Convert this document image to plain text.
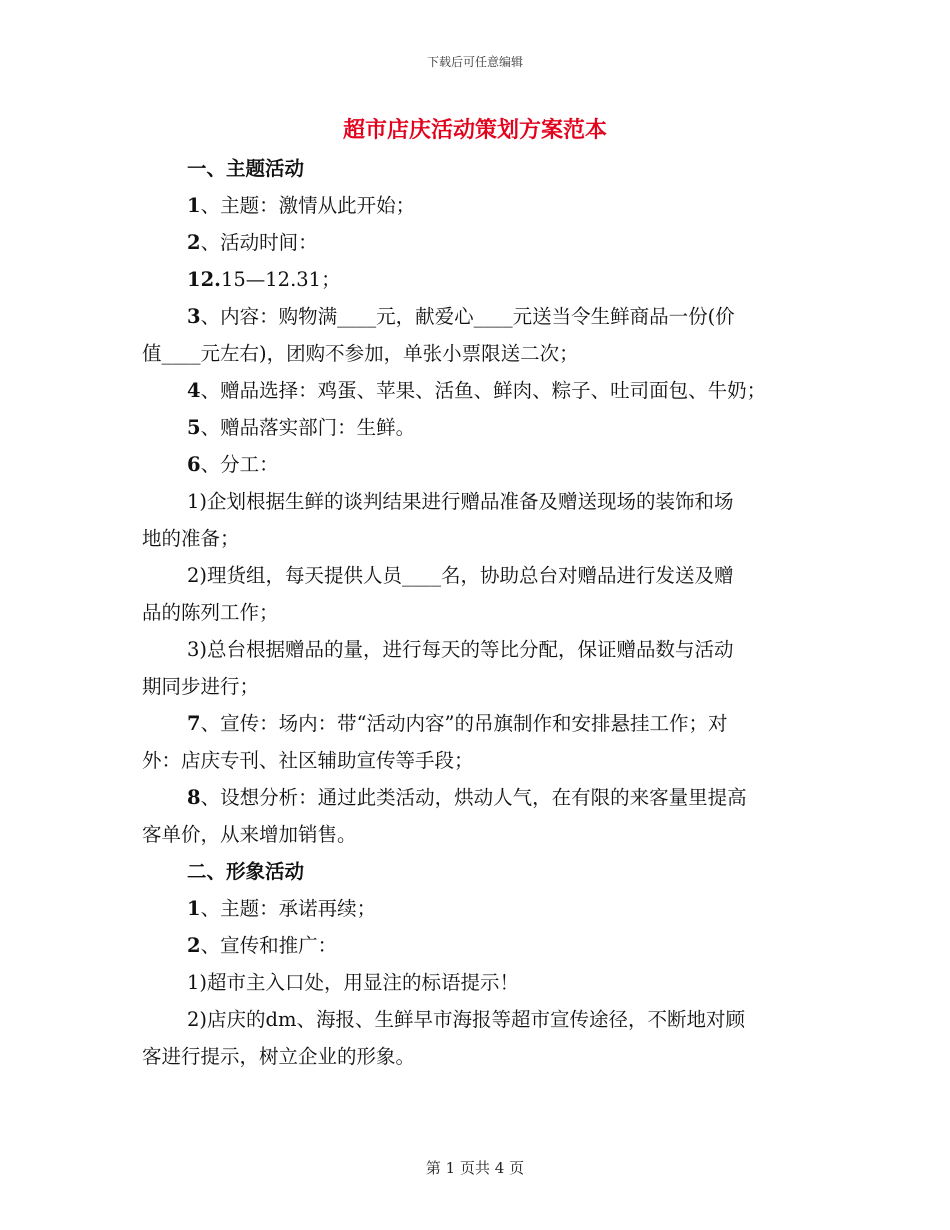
下载后可任意编辑
超市店庆活动策划方案范本

一、主题活动

1、主题：激情从此开始；

2、活动时间：

12.15—12.31；

3、内容：购物满____元，献爱心____元送当令生鲜商品一份(价

值____元左右)，团购不参加，单张小票限送二次；

4、赠品选择：鸡蛋、苹果、活鱼、鲜肉、粽子、吐司面包、牛奶；

5、赠品落实部门：生鲜。

6、分工：

1)企划根据生鲜的谈判结果进行赠品准备及赠送现场的装饰和场

地的准备；

2)理货组，每天提供人员____名，协助总台对赠品进行发送及赠

品的陈列工作；

3)总台根据赠品的量，进行每天的等比分配，保证赠品数与活动

期同步进行；

7、宣传：场内：带“活动内容”的吊旗制作和安排悬挂工作；对

外：店庆专刊、社区辅助宣传等手段；

8、设想分析：通过此类活动，烘动人气，在有限的来客量里提高

客单价，从来增加销售。

二、形象活动

1、主题：承诺再续；

2、宣传和推广：

1)超市主入口处，用显注的标语提示！

2)店庆的dm、海报、生鲜早市海报等超市宣传途径，不断地对顾

客进行提示，树立企业的形象。

第 1 页共 4 页
